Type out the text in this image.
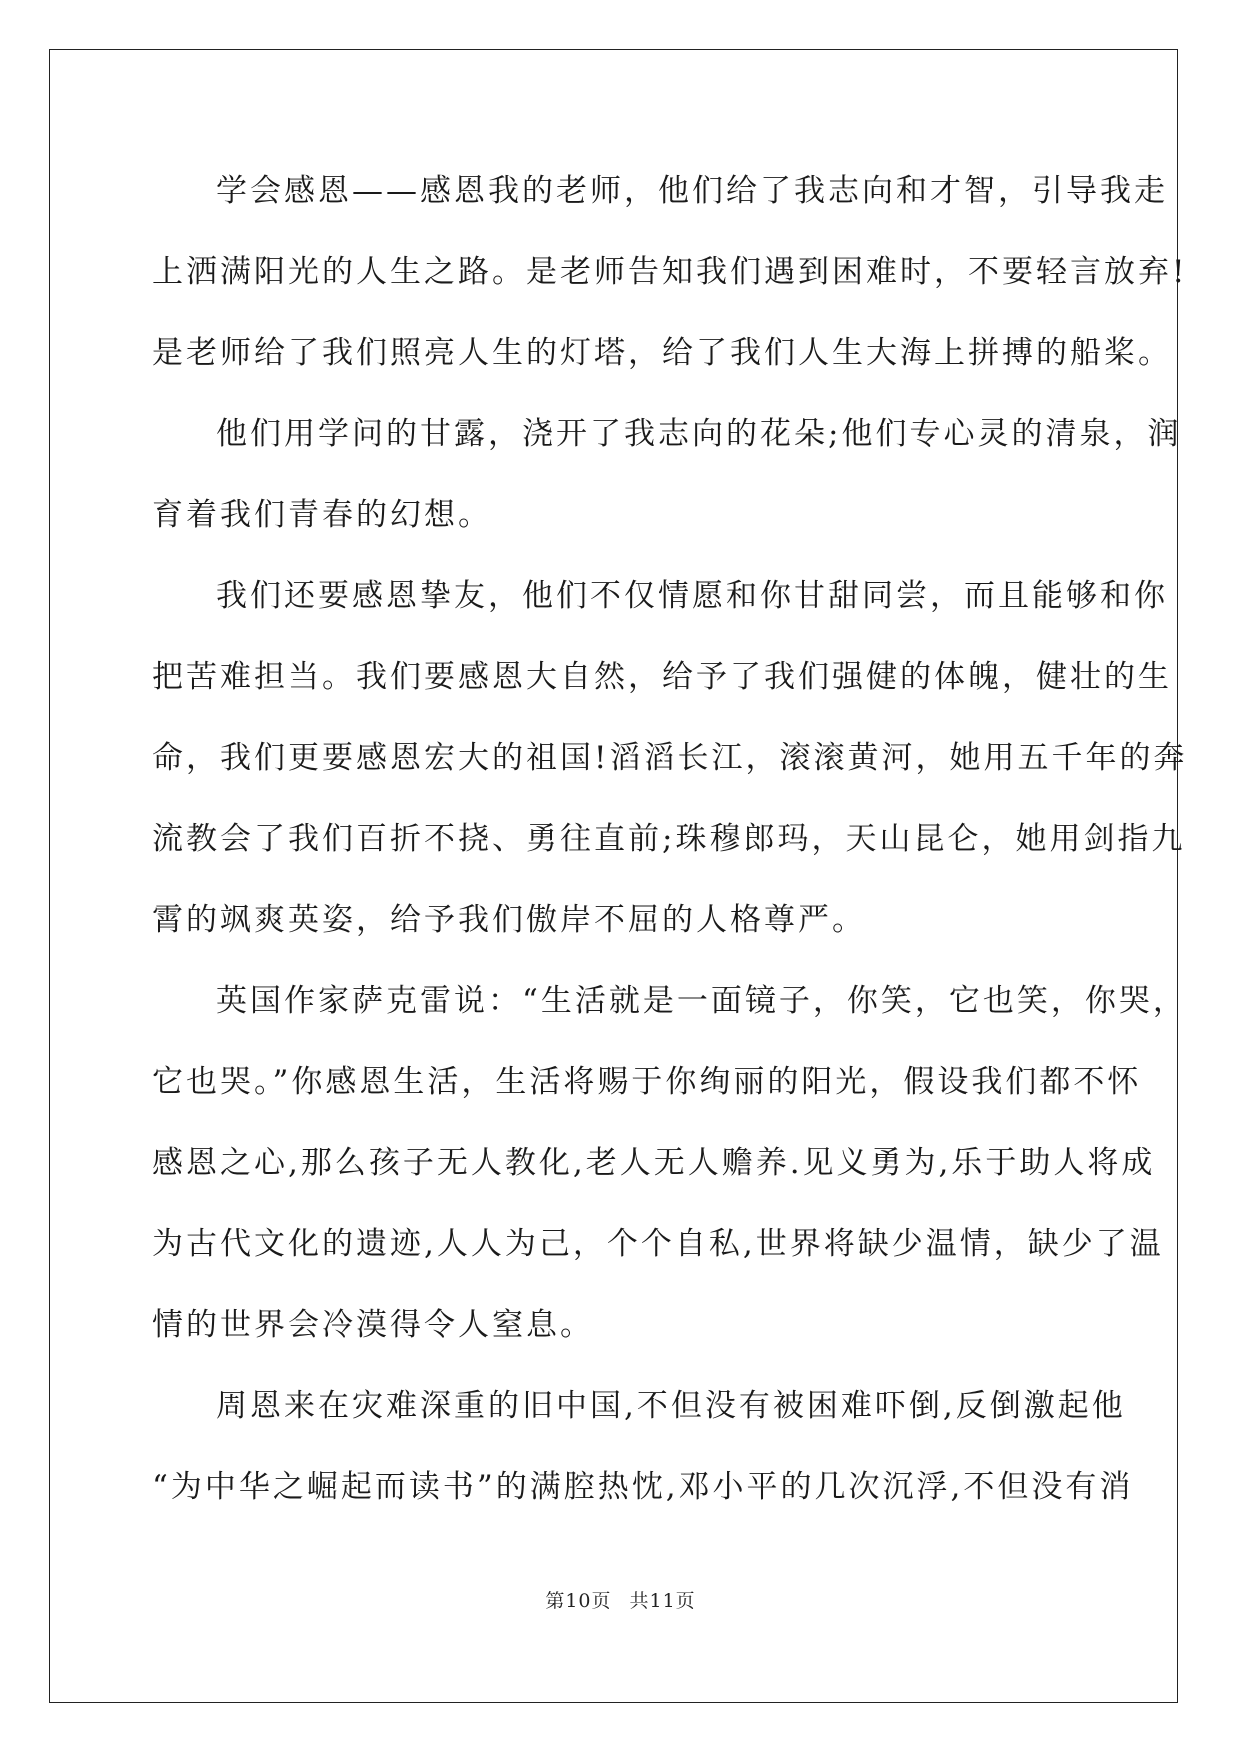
学会感恩——感恩我的老师，他们给了我志向和才智，引导我走
上洒满阳光的人生之路。是老师告知我们遇到困难时，不要轻言放弃!
是老师给了我们照亮人生的灯塔，给了我们人生大海上拼搏的船桨。
他们用学问的甘露，浇开了我志向的花朵;他们专心灵的清泉，润
育着我们青春的幻想。
我们还要感恩挚友，他们不仅情愿和你甘甜同尝，而且能够和你
把苦难担当。我们要感恩大自然，给予了我们强健的体魄，健壮的生
命，我们更要感恩宏大的祖国!滔滔长江，滚滚黄河，她用五千年的奔
流教会了我们百折不挠、勇往直前;珠穆郎玛，天山昆仑，她用剑指九
霄的飒爽英姿，给予我们傲岸不屈的人格尊严。
英国作家萨克雷说：“生活就是一面镜子，你笑，它也笑，你哭，
它也哭。”你感恩生活，生活将赐于你绚丽的阳光，假设我们都不怀
感恩之心,那么孩子无人教化,老人无人赡养.见义勇为,乐于助人将成
为古代文化的遗迹,人人为己，个个自私,世界将缺少温情，缺少了温
情的世界会冷漠得令人窒息。
周恩来在灾难深重的旧中国,不但没有被困难吓倒,反倒激起他
“为中华之崛起而读书”的满腔热忱,邓小平的几次沉浮,不但没有消
第10页 共11页
